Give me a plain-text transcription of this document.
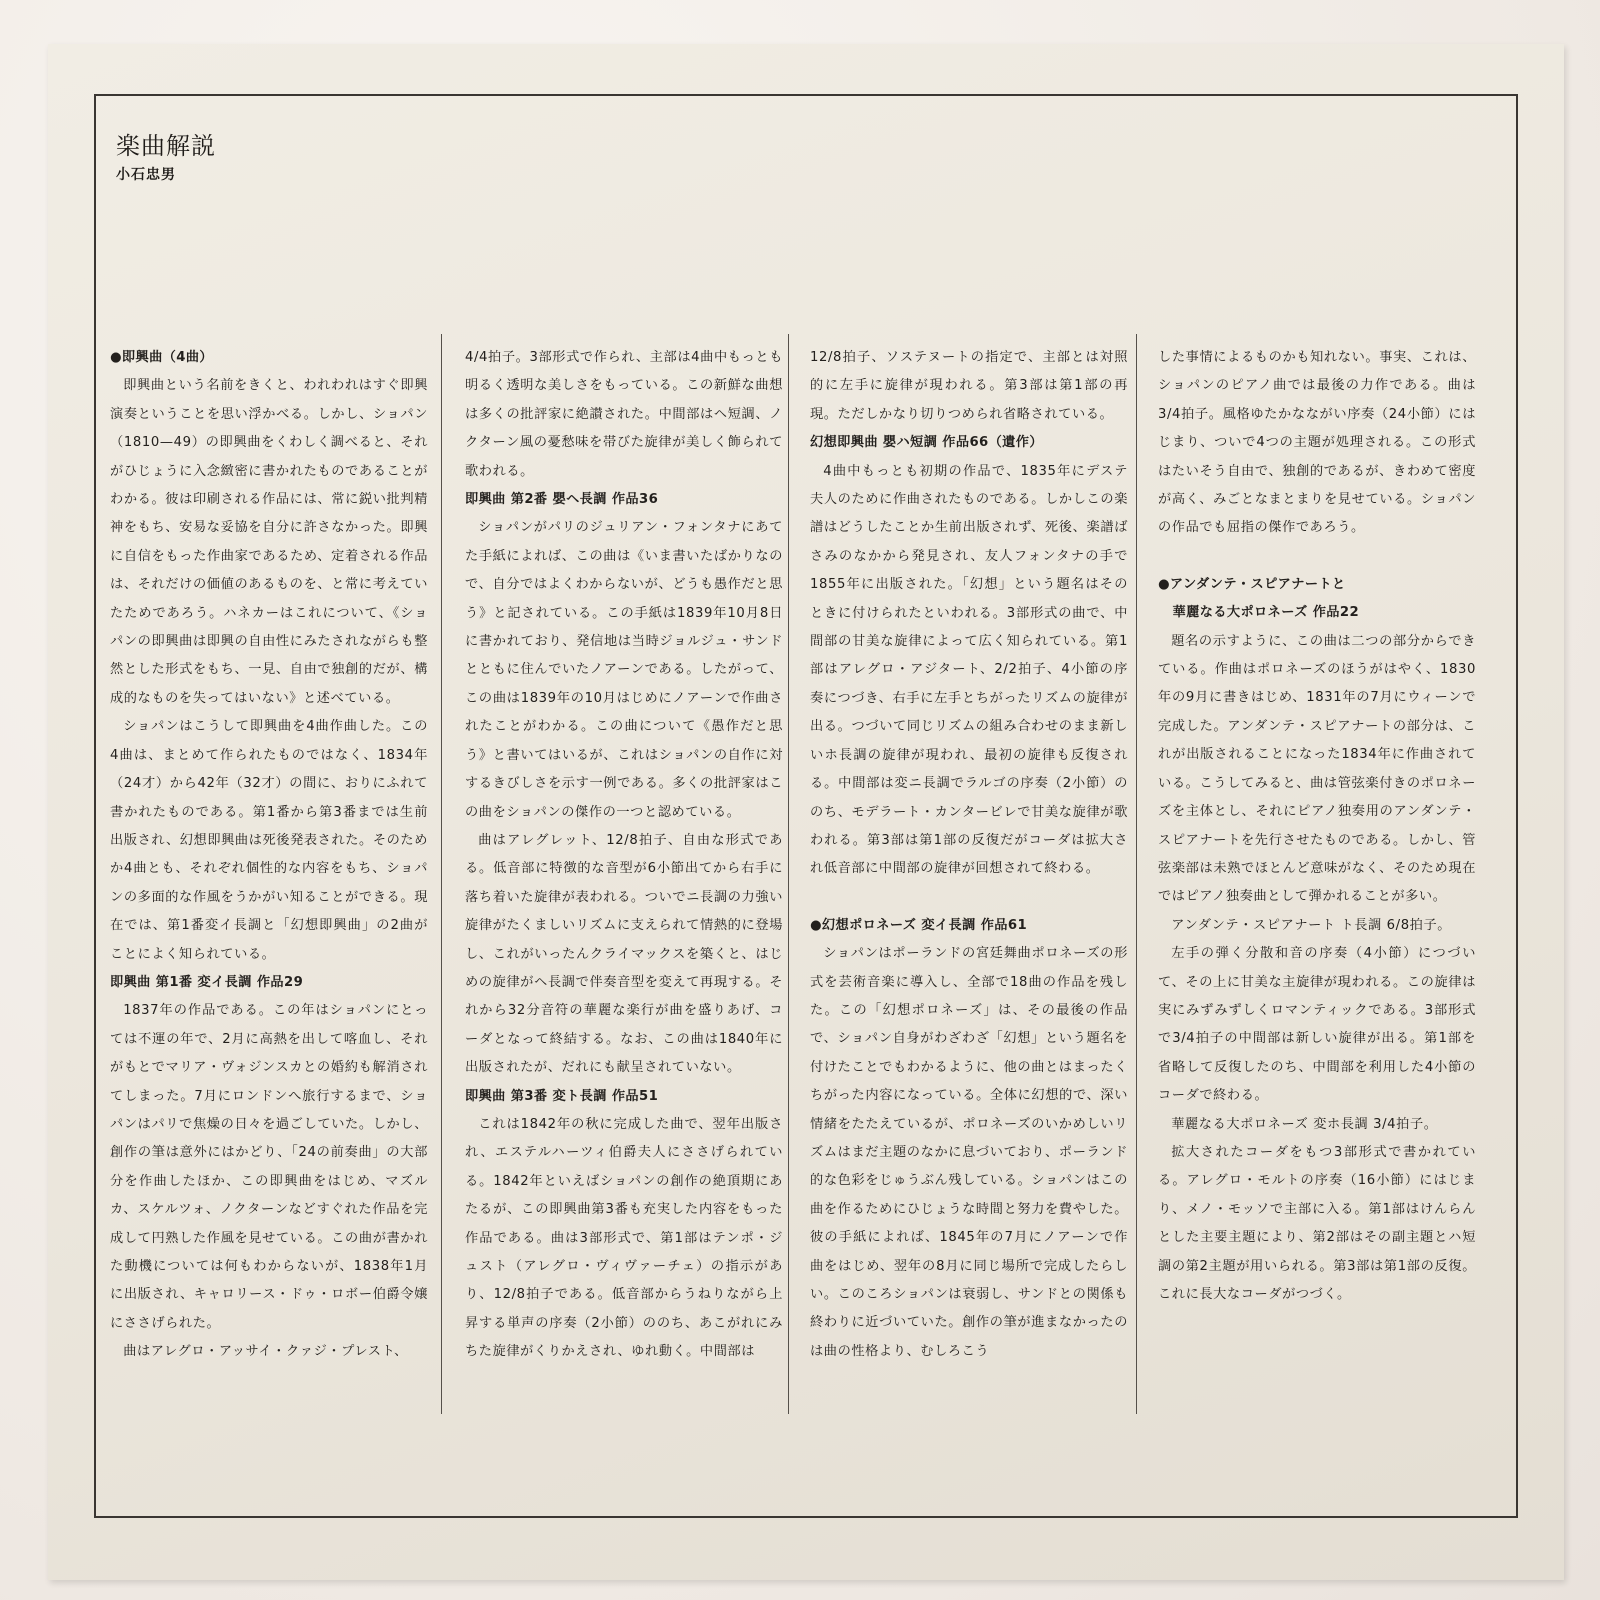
楽曲解説
小石忠男
●即興曲（4曲）

即興曲という名前をきくと、われわれはすぐ即興演奏ということを思い浮かべる。しかし、ショパン（1810—49）の即興曲をくわしく調べると、それがひじょうに入念緻密に書かれたものであることがわかる。彼は印刷される作品には、常に鋭い批判精神をもち、安易な妥協を自分に許さなかった。即興に自信をもった作曲家であるため、定着される作品は、それだけの価値のあるものを、と常に考えていたためであろう。ハネカーはこれについて、《ショパンの即興曲は即興の自由性にみたされながらも整然とした形式をもち、一見、自由で独創的だが、構成的なものを失ってはいない》と述べている。

ショパンはこうして即興曲を4曲作曲した。この4曲は、まとめて作られたものではなく、1834年（24才）から42年（32才）の間に、おりにふれて書かれたものである。第1番から第3番までは生前出版され、幻想即興曲は死後発表された。そのためか4曲とも、それぞれ個性的な内容をもち、ショパンの多面的な作風をうかがい知ることができる。現在では、第1番変イ長調と「幻想即興曲」の2曲がことによく知られている。

即興曲 第1番 変イ長調 作品29

1837年の作品である。この年はショパンにとっては不運の年で、2月に高熱を出して喀血し、それがもとでマリア・ヴォジンスカとの婚約も解消されてしまった。7月にロンドンへ旅行するまで、ショパンはパリで焦燥の日々を過ごしていた。しかし、創作の筆は意外にはかどり、「24の前奏曲」の大部分を作曲したほか、この即興曲をはじめ、マズルカ、スケルツォ、ノクターンなどすぐれた作品を完成して円熟した作風を見せている。この曲が書かれた動機については何もわからないが、1838年1月に出版され、キャロリース・ドゥ・ロボー伯爵令嬢にささげられた。

曲はアレグロ・アッサイ・クァジ・プレスト、

4/4拍子。3部形式で作られ、主部は4曲中もっとも明るく透明な美しさをもっている。この新鮮な曲想は多くの批評家に絶讃された。中間部はヘ短調、ノクターン風の憂愁味を帯びた旋律が美しく飾られて歌われる。

即興曲 第2番 嬰ヘ長調 作品36

ショパンがパリのジュリアン・フォンタナにあてた手紙によれば、この曲は《いま書いたばかりなので、自分ではよくわからないが、どうも愚作だと思う》と記されている。この手紙は1839年10月8日に書かれており、発信地は当時ジョルジュ・サンドとともに住んでいたノアーンである。したがって、この曲は1839年の10月はじめにノアーンで作曲されたことがわかる。この曲について《愚作だと思う》と書いてはいるが、これはショパンの自作に対するきびしさを示す一例である。多くの批評家はこの曲をショパンの傑作の一つと認めている。

曲はアレグレット、12/8拍子、自由な形式である。低音部に特徴的な音型が6小節出てから右手に落ち着いた旋律が表われる。ついでニ長調の力強い旋律がたくましいリズムに支えられて情熱的に登場し、これがいったんクライマックスを築くと、はじめの旋律がヘ長調で伴奏音型を変えて再現する。それから32分音符の華麗な楽行が曲を盛りあげ、コーダとなって終結する。なお、この曲は1840年に出版されたが、だれにも献呈されていない。

即興曲 第3番 変ト長調 作品51

これは1842年の秋に完成した曲で、翌年出版され、エステルハーツィ伯爵夫人にささげられている。1842年といえばショパンの創作の絶頂期にあたるが、この即興曲第3番も充実した内容をもった作品である。曲は3部形式で、第1部はテンポ・ジュスト（アレグロ・ヴィヴァーチェ）の指示があり、12/8拍子である。低音部からうねりながら上昇する単声の序奏（2小節）ののち、あこがれにみちた旋律がくりかえされ、ゆれ動く。中間部は

12/8拍子、ソステヌートの指定で、主部とは対照的に左手に旋律が現われる。第3部は第1部の再現。ただしかなり切りつめられ省略されている。

幻想即興曲 嬰ハ短調 作品66（遺作）

4曲中もっとも初期の作品で、1835年にデステ夫人のために作曲されたものである。しかしこの楽譜はどうしたことか生前出版されず、死後、楽譜ばさみのなかから発見され、友人フォンタナの手で1855年に出版された。「幻想」という題名はそのときに付けられたといわれる。3部形式の曲で、中間部の甘美な旋律によって広く知られている。第1部はアレグロ・アジタート、2/2拍子、4小節の序奏につづき、右手に左手とちがったリズムの旋律が出る。つづいて同じリズムの組み合わせのまま新しいホ長調の旋律が現われ、最初の旋律も反復される。中間部は変ニ長調でラルゴの序奏（2小節）ののち、モデラート・カンタービレで甘美な旋律が歌われる。第3部は第1部の反復だがコーダは拡大され低音部に中間部の旋律が回想されて終わる。

●幻想ポロネーズ 変イ長調 作品61

ショパンはポーランドの宮廷舞曲ポロネーズの形式を芸術音楽に導入し、全部で18曲の作品を残した。この「幻想ポロネーズ」は、その最後の作品で、ショパン自身がわざわざ「幻想」という題名を付けたことでもわかるように、他の曲とはまったくちがった内容になっている。全体に幻想的で、深い情緒をたたえているが、ポロネーズのいかめしいリズムはまだ主題のなかに息づいており、ポーランド的な色彩をじゅうぶん残している。ショパンはこの曲を作るためにひじょうな時間と努力を費やした。彼の手紙によれば、1845年の7月にノアーンで作曲をはじめ、翌年の8月に同じ場所で完成したらしい。このころショパンは衰弱し、サンドとの関係も終わりに近づいていた。創作の筆が進まなかったのは曲の性格より、むしろこう

した事情によるものかも知れない。事実、これは、ショパンのピアノ曲では最後の力作である。曲は3/4拍子。風格ゆたかなながい序奏（24小節）にはじまり、ついで4つの主題が処理される。この形式はたいそう自由で、独創的であるが、きわめて密度が高く、みごとなまとまりを見せている。ショパンの作品でも屈指の傑作であろう。

●アンダンテ・スピアナートと
華麗なる大ポロネーズ 作品22

題名の示すように、この曲は二つの部分からできている。作曲はポロネーズのほうがはやく、1830年の9月に書きはじめ、1831年の7月にウィーンで完成した。アンダンテ・スピアナートの部分は、これが出版されることになった1834年に作曲されている。こうしてみると、曲は管弦楽付きのポロネーズを主体とし、それにピアノ独奏用のアンダンテ・スピアナートを先行させたものである。しかし、管弦楽部は未熟でほとんど意味がなく、そのため現在ではピアノ独奏曲として弾かれることが多い。

アンダンテ・スピアナート ト長調 6/8拍子。

左手の弾く分散和音の序奏（4小節）につづいて、その上に甘美な主旋律が現われる。この旋律は実にみずみずしくロマンティックである。3部形式で3/4拍子の中間部は新しい旋律が出る。第1部を省略して反復したのち、中間部を利用した4小節のコーダで終わる。

華麗なる大ポロネーズ 変ホ長調 3/4拍子。

拡大されたコーダをもつ3部形式で書かれている。アレグロ・モルトの序奏（16小節）にはじまり、メノ・モッソで主部に入る。第1部はけんらんとした主要主題により、第2部はその副主題とハ短調の第2主題が用いられる。第3部は第1部の反復。これに長大なコーダがつづく。
